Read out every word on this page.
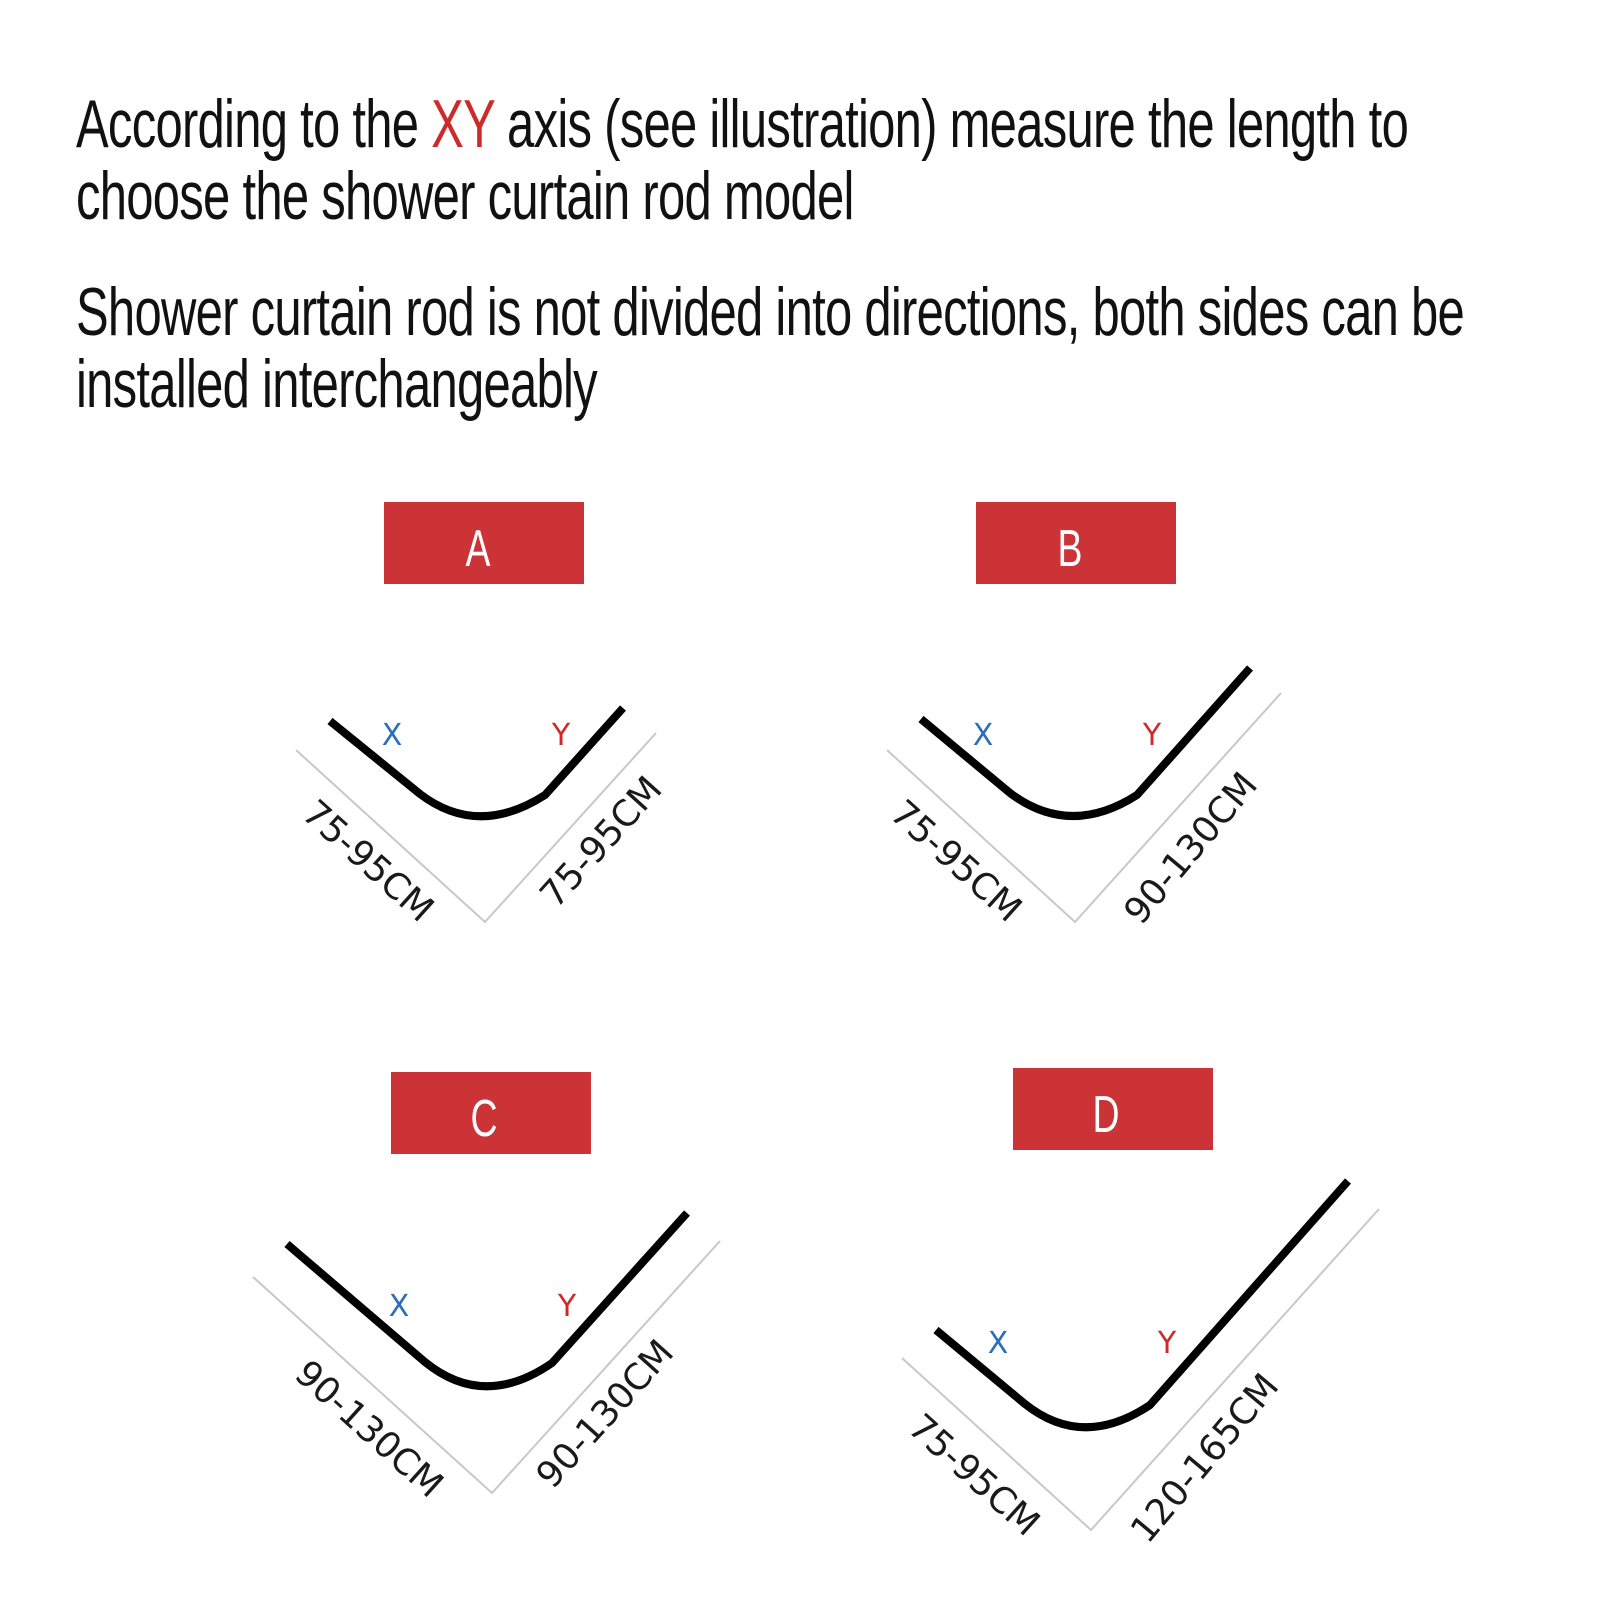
According to the XY axis (see illustration) measure the length to
choose the shower curtain rod model
Shower curtain rod is not divided into directions, both sides can be
installed interchangeably
A
X	Y
75-95CM	75-95CM
B
X	Y
75-95CM 90-130CM
C
X	Y
90-130CM 90-130CM
D
X	Y
75-95CM 120-165CM
